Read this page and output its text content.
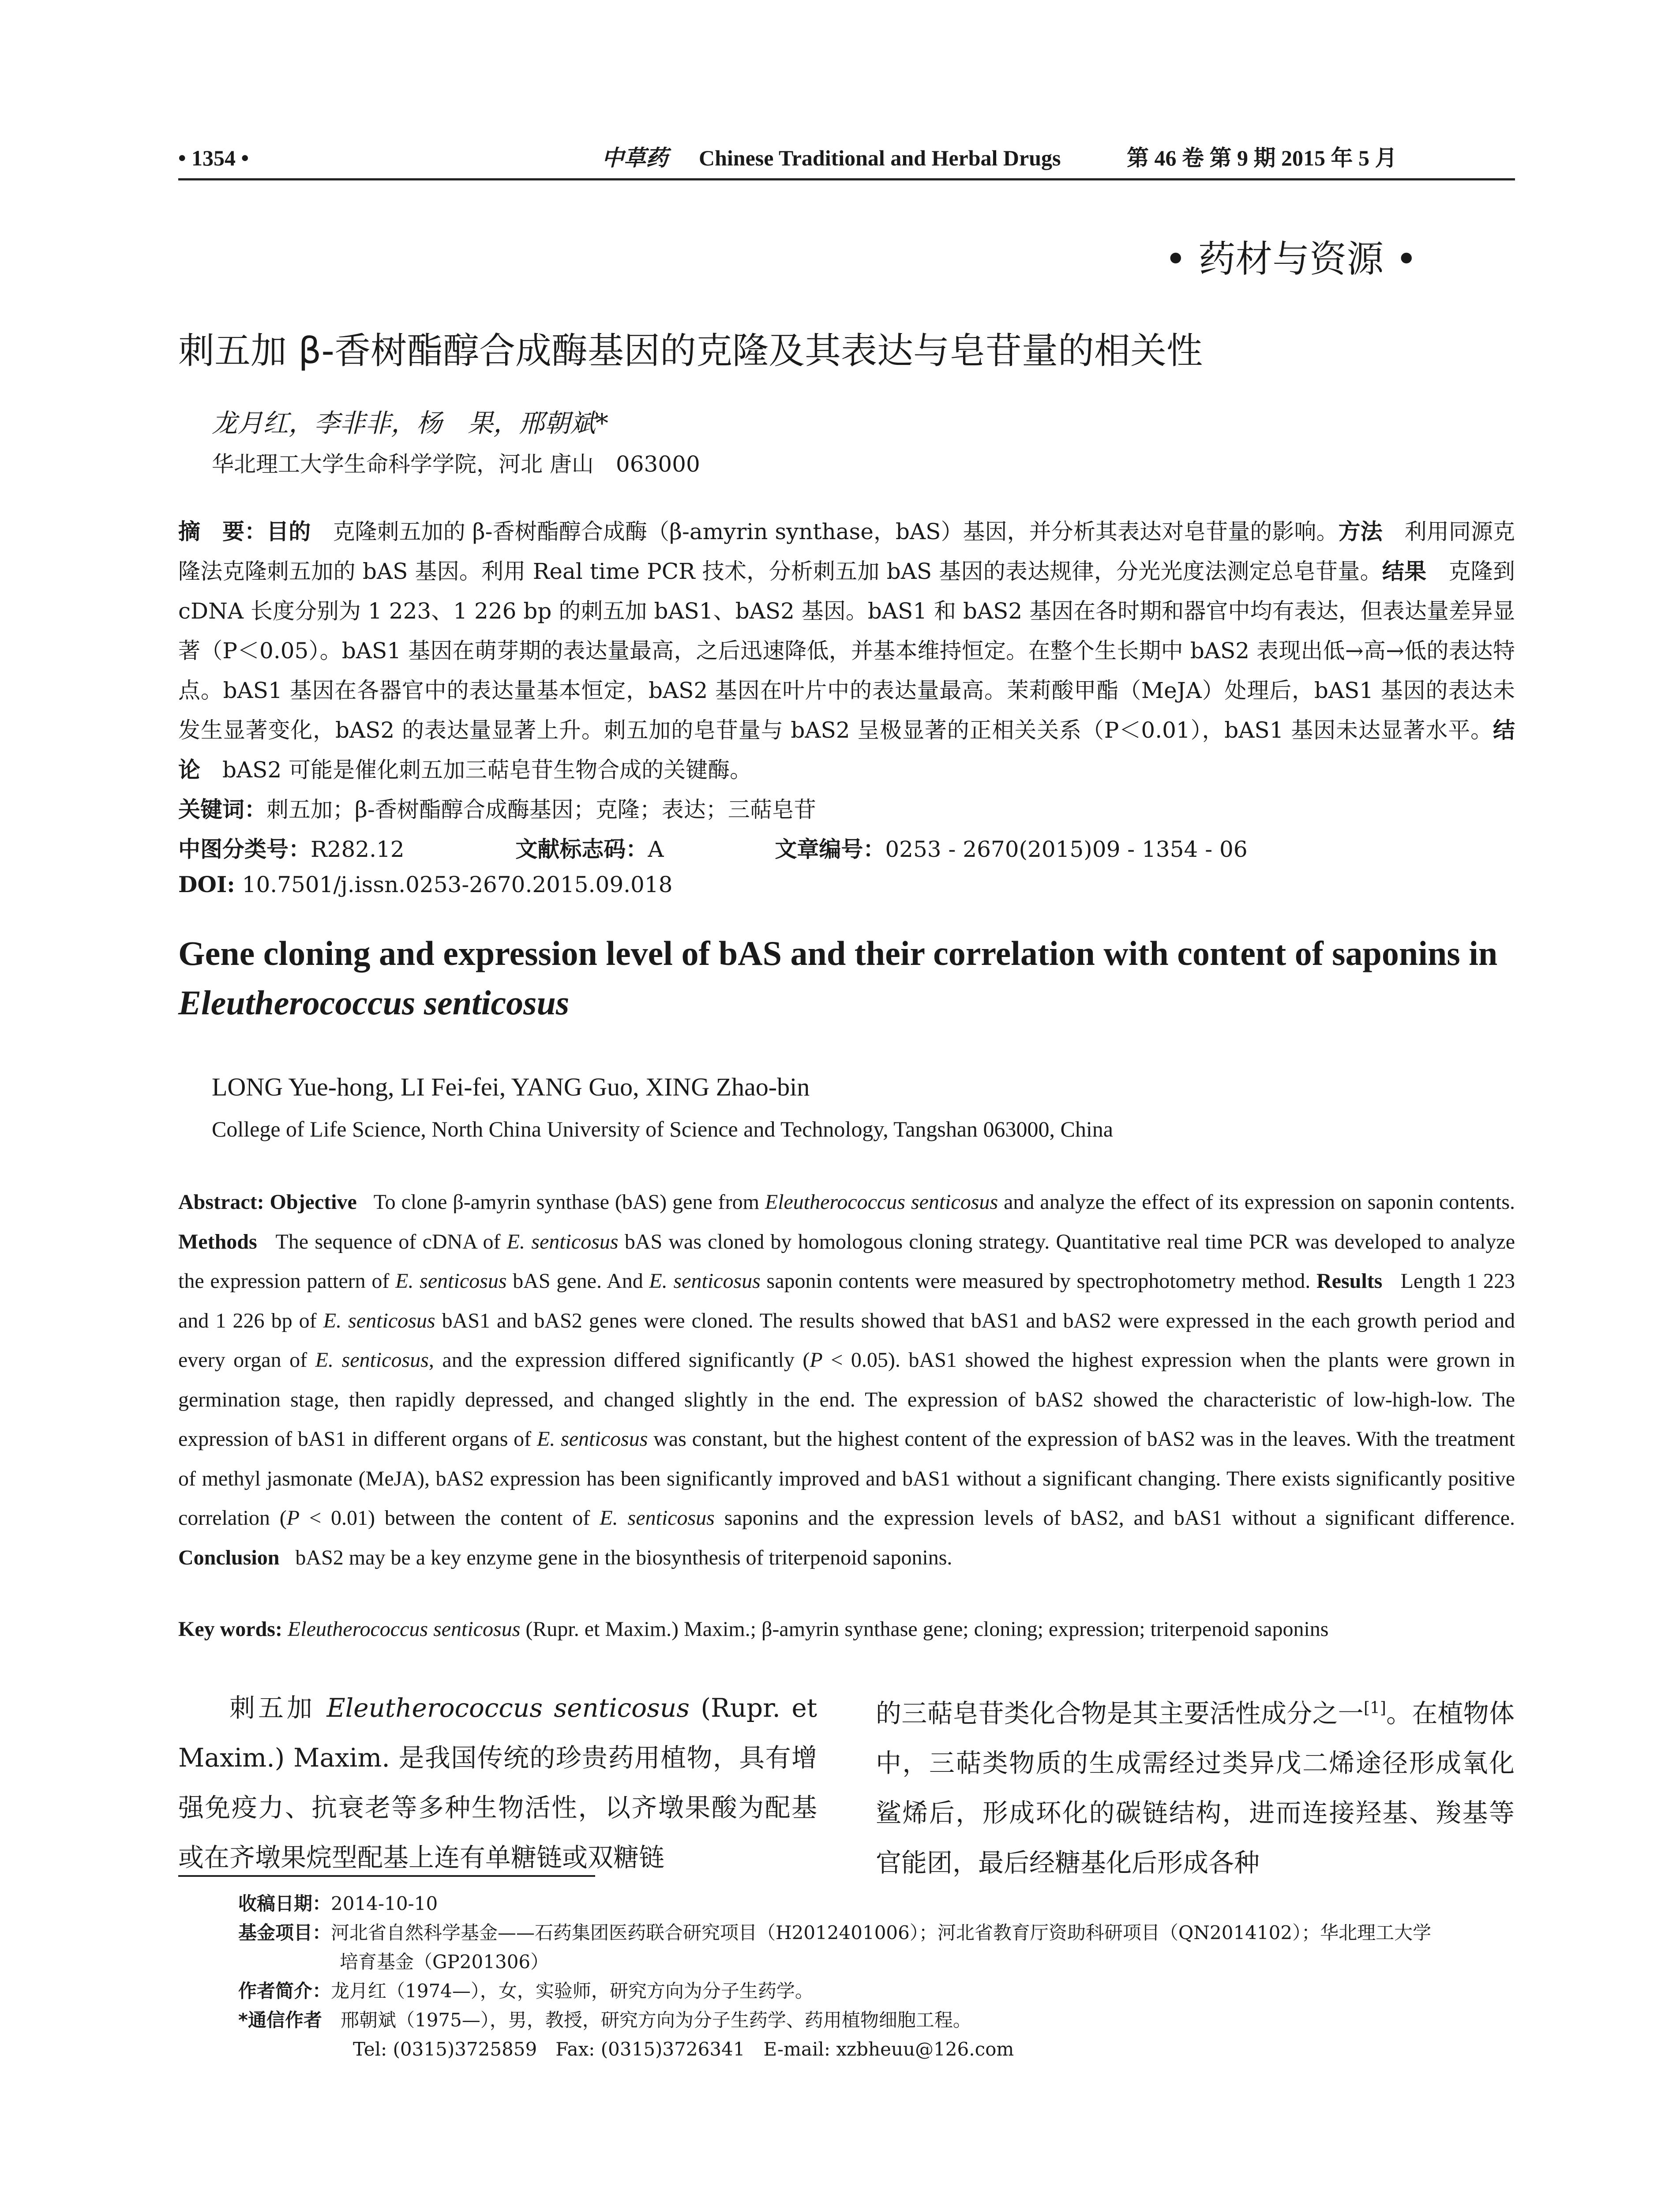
• 1354 •	中草药 Chinese Traditional and Herbal Drugs	第 46 卷 第 9 期 2015 年 5 月
• 药材与资源 •
刺五加 β-香树酯醇合成酶基因的克隆及其表达与皂苷量的相关性
龙月红，李非非，杨　果，邢朝斌*
华北理工大学生命科学学院，河北 唐山　063000
摘　要：目的　 克隆刺五加的 β-香树酯醇合成酶（β-amyrin synthase，bAS）基因，并分析其表达对皂苷量的影响。方法　 利用同源克隆法克隆刺五加的 bAS 基因。利用 Real time PCR 技术，分析刺五加 bAS 基因的表达规律，分光光度法测定总皂苷量。结果　 克隆到 cDNA 长度分别为 1 223、1 226 bp 的刺五加 bAS1、bAS2 基因。bAS1 和 bAS2 基因在各时期和器官中均有表达，但表达量差异显著（P＜0.05）。bAS1 基因在萌芽期的表达量最高，之后迅速降低，并基本维持恒定。在整个生长期中 bAS2 表现出低→高→低的表达特点。bAS1 基因在各器官中的表达量基本恒定，bAS2 基因在叶片中的表达量最高。茉莉酸甲酯（MeJA）处理后，bAS1 基因的表达未发生显著变化，bAS2 的表达量显著上升。刺五加的皂苷量与 bAS2 呈极显著的正相关关系（P＜0.01），bAS1 基因未达显著水平。结论　 bAS2 可能是催化刺五加三萜皂苷生物合成的关键酶。
关键词：刺五加；β-香树酯醇合成酶基因；克隆；表达；三萜皂苷
中图分类号：R282.12	文献标志码：A	文章编号：0253 - 2670(2015)09 - 1354 - 06
DOI: 10.7501/j.issn.0253-2670.2015.09.018
Gene cloning and expression level of bAS and their correlation with content of saponins in Eleutherococcus senticosus
LONG Yue-hong, LI Fei-fei, YANG Guo, XING Zhao-bin
College of Life Science, North China University of Science and Technology, Tangshan 063000, China
Abstract: Objective To clone β-amyrin synthase (bAS) gene from Eleutherococcus senticosus and analyze the effect of its expression on saponin contents. Methods The sequence of cDNA of E. senticosus bAS was cloned by homologous cloning strategy. Quantitative real time PCR was developed to analyze the expression pattern of E. senticosus bAS gene. And E. senticosus saponin contents were measured by spectrophotometry method. Results Length 1 223 and 1 226 bp of E. senticosus bAS1 and bAS2 genes were cloned. The results showed that bAS1 and bAS2 were expressed in the each growth period and every organ of E. senticosus, and the expression differed significantly (P < 0.05). bAS1 showed the highest expression when the plants were grown in germination stage, then rapidly depressed, and changed slightly in the end. The expression of bAS2 showed the characteristic of low-high-low. The expression of bAS1 in different organs of E. senticosus was constant, but the highest content of the expression of bAS2 was in the leaves. With the treatment of methyl jasmonate (MeJA), bAS2 expression has been significantly improved and bAS1 without a significant changing. There exists significantly positive correlation (P < 0.01) between the content of E. senticosus saponins and the expression levels of bAS2, and bAS1 without a significant difference. Conclusion bAS2 may be a key enzyme gene in the biosynthesis of triterpenoid saponins.
Key words: Eleutherococcus senticosus (Rupr. et Maxim.) Maxim.; β-amyrin synthase gene; cloning; expression; triterpenoid saponins
刺五加 Eleutherococcus senticosus (Rupr. et Maxim.) Maxim. 是我国传统的珍贵药用植物，具有增强免疫力、抗衰老等多种生物活性，以齐墩果酸为配基或在齐墩果烷型配基上连有单糖链或双糖链
的三萜皂苷类化合物是其主要活性成分之一[1]。在植物体中，三萜类物质的生成需经过类异戊二烯途径形成氧化鲨烯后，形成环化的碳链结构，进而连接羟基、羧基等官能团，最后经糖基化后形成各种
收稿日期：2014-10-10
基金项目：河北省自然科学基金——石药集团医药联合研究项目（H2012401006）；河北省教育厅资助科研项目（QN2014102）；华北理工大学
培育基金（GP201306）
作者简介：龙月红（1974—），女，实验师，研究方向为分子生药学。
*通信作者　 邢朝斌（1975—），男，教授，研究方向为分子生药学、药用植物细胞工程。
Tel: (0315)3725859　Fax: (0315)3726341　E-mail: xzbheuu@126.com
